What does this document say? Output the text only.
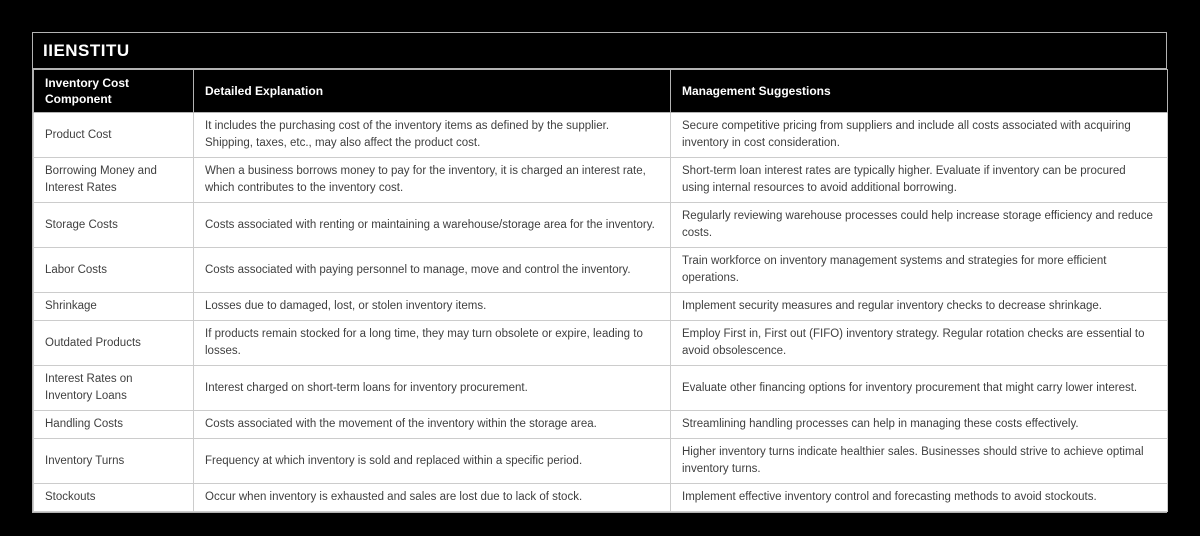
IIENSTITU
Inventory Cost Component	Detailed Explanation	Management Suggestions
Product Cost	It includes the purchasing cost of the inventory items as defined by the supplier. Shipping, taxes, etc., may also affect the product cost.	Secure competitive pricing from suppliers and include all costs associated with acquiring inventory in cost consideration.
Borrowing Money and Interest Rates	When a business borrows money to pay for the inventory, it is charged an interest rate, which contributes to the inventory cost.	Short-term loan interest rates are typically higher. Evaluate if inventory can be procured using internal resources to avoid additional borrowing.
Storage Costs	Costs associated with renting or maintaining a warehouse/storage area for the inventory.	Regularly reviewing warehouse processes could help increase storage efficiency and reduce costs.
Labor Costs	Costs associated with paying personnel to manage, move and control the inventory.	Train workforce on inventory management systems and strategies for more efficient operations.
Shrinkage	Losses due to damaged, lost, or stolen inventory items.	Implement security measures and regular inventory checks to decrease shrinkage.
Outdated Products	If products remain stocked for a long time, they may turn obsolete or expire, leading to losses.	Employ First in, First out (FIFO) inventory strategy. Regular rotation checks are essential to avoid obsolescence.
Interest Rates on Inventory Loans	Interest charged on short-term loans for inventory procurement.	Evaluate other financing options for inventory procurement that might carry lower interest.
Handling Costs	Costs associated with the movement of the inventory within the storage area.	Streamlining handling processes can help in managing these costs effectively.
Inventory Turns	Frequency at which inventory is sold and replaced within a specific period.	Higher inventory turns indicate healthier sales. Businesses should strive to achieve optimal inventory turns.
Stockouts	Occur when inventory is exhausted and sales are lost due to lack of stock.	Implement effective inventory control and forecasting methods to avoid stockouts.
